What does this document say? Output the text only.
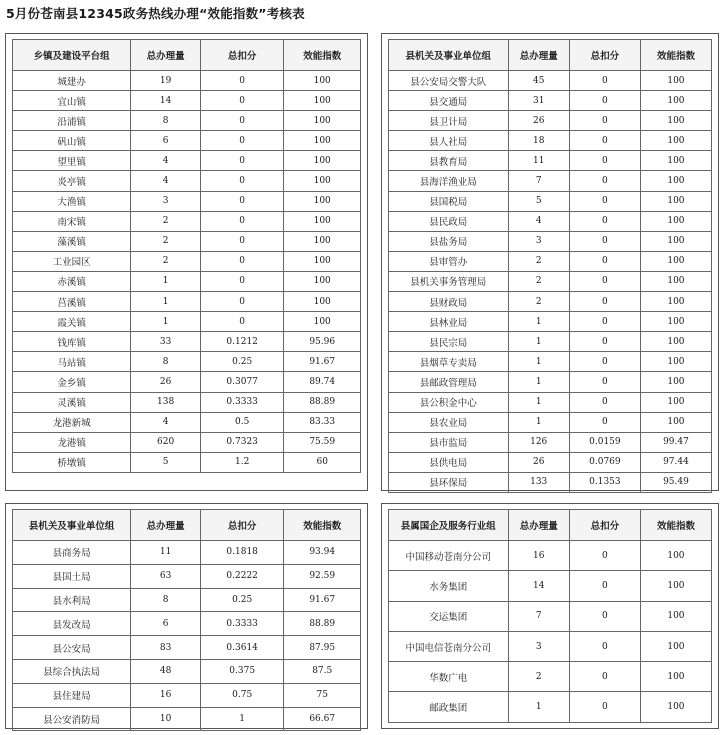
5月份苍南县12345政务热线办理“效能指数”考核表
乡镇及建设平台组	总办理量	总扣分	效能指数
城建办	19	0	100
宜山镇	14	0	100
沿浦镇	8	0	100
矾山镇	6	0	100
望里镇	4	0	100
炎亭镇	4	0	100
大渔镇	3	0	100
南宋镇	2	0	100
藻溪镇	2	0	100
工业园区	2	0	100
赤溪镇	1	0	100
莒溪镇	1	0	100
霞关镇	1	0	100
钱库镇	33	0.1212	95.96
马站镇	8	0.25	91.67
金乡镇	26	0.3077	89.74
灵溪镇	138	0.3333	88.89
龙港新城	4	0.5	83.33
龙港镇	620	0.7323	75.59
桥墩镇	5	1.2	60
县机关及事业单位组	总办理量	总扣分	效能指数
县公安局交警大队	45	0	100
县交通局	31	0	100
县卫计局	26	0	100
县人社局	18	0	100
县教育局	11	0	100
县海洋渔业局	7	0	100
县国税局	5	0	100
县民政局	4	0	100
县盐务局	3	0	100
县审管办	2	0	100
县机关事务管理局	2	0	100
县财政局	2	0	100
县林业局	1	0	100
县民宗局	1	0	100
县烟草专卖局	1	0	100
县邮政管理局	1	0	100
县公积金中心	1	0	100
县农业局	1	0	100
县市监局	126	0.0159	99.47
县供电局	26	0.0769	97.44
县环保局	133	0.1353	95.49
县机关及事业单位组	总办理量	总扣分	效能指数
县商务局	11	0.1818	93.94
县国土局	63	0.2222	92.59
县水利局	8	0.25	91.67
县发改局	6	0.3333	88.89
县公安局	83	0.3614	87.95
县综合执法局	48	0.375	87.5
县住建局	16	0.75	75
县公安消防局	10	1	66.67
县属国企及服务行业组	总办理量	总扣分	效能指数
中国移动苍南分公司	16	0	100
水务集团	14	0	100
交运集团	7	0	100
中国电信苍南分公司	3	0	100
华数广电	2	0	100
邮政集团	1	0	100
